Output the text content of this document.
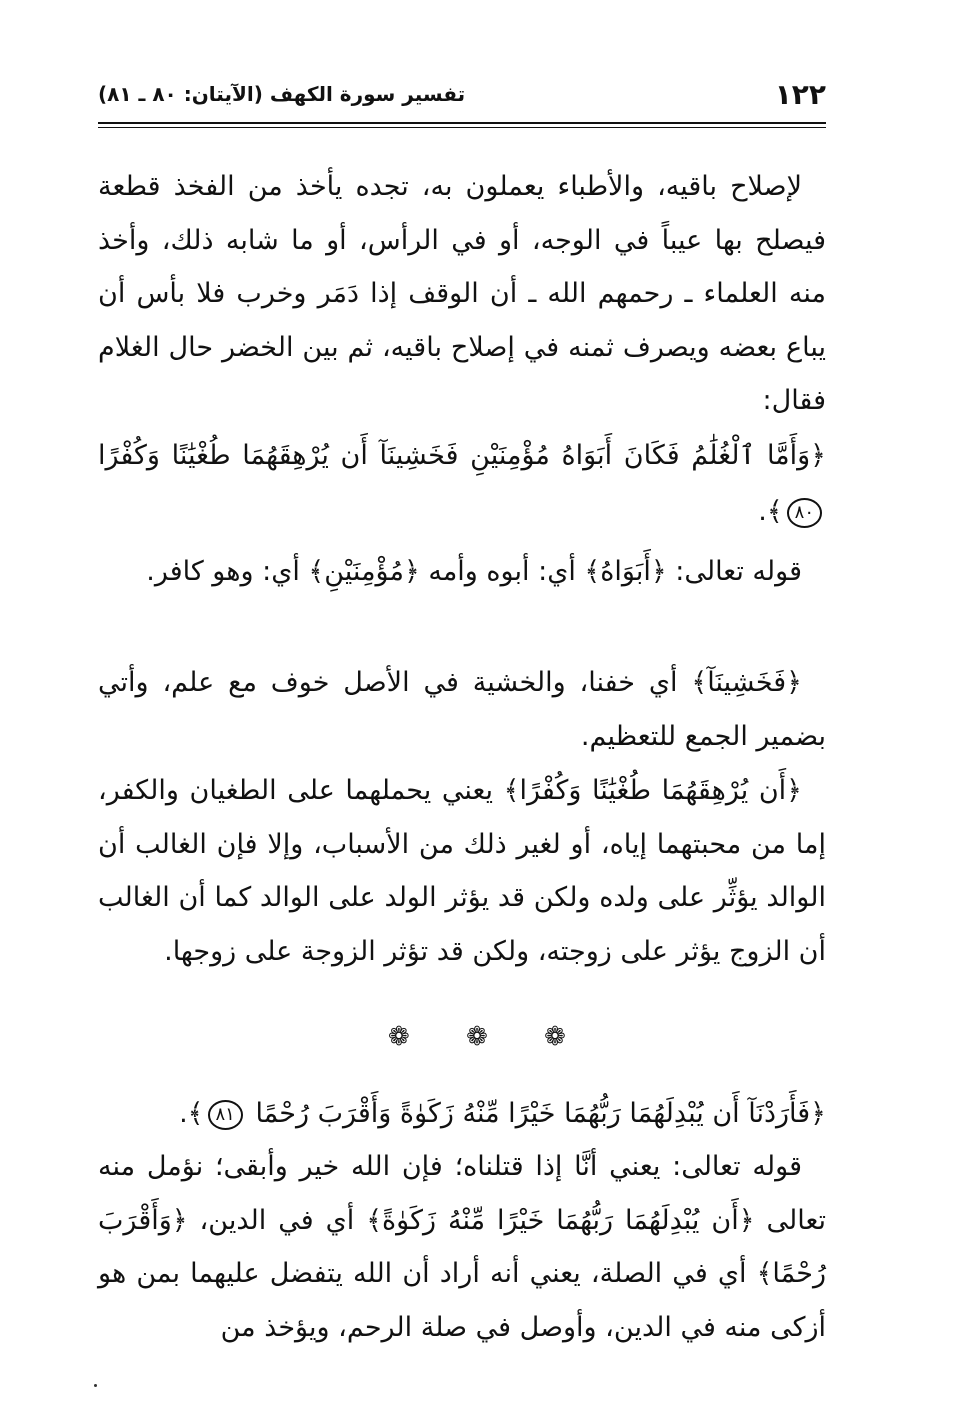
١٢٢
تفسير سورة الكهف (الآيتان: ٨٠ ـ ٨١)

لإصلاح باقيه، والأطباء يعملون به، تجده يأخذ من الفخذ قطعة فيصلح بها عيباً في الوجه، أو في الرأس، أو ما شابه ذلك، وأخذ منه العلماء ـ رحمهم الله ـ أن الوقف إذا دَمَر وخرب فلا بأس أن يباع بعضه ويصرف ثمنه في إصلاح باقيه، ثم بين الخضر حال الغلام فقال:

﴿وَأَمَّا ٱلْغُلَٰمُ فَكَانَ أَبَوَاهُ مُؤْمِنَيْنِ فَخَشِينَآ أَن يُرْهِقَهُمَا طُغْيَٰنًا وَكُفْرًا ٨٠﴾.

قوله تعالى: ﴿أَبَوَاهُ﴾ أي: أبوه وأمه ﴿مُؤْمِنَيْنِ﴾ أي: وهو كافر.

﴿فَخَشِينَآ﴾ أي خفنا، والخشية في الأصل خوف مع علم، وأتي بضمير الجمع للتعظيم.

﴿أَن يُرْهِقَهُمَا طُغْيَٰنًا وَكُفْرًا﴾ يعني يحملهما على الطغيان والكفر، إما من محبتهما إياه، أو لغير ذلك من الأسباب، وإلا فإن الغالب أن الوالد يؤثِّر على ولده ولكن قد يؤثر الولد على الوالد كما أن الغالب أن الزوج يؤثر على زوجته، ولكن قد تؤثر الزوجة على زوجها.

❁ ❁ ❁
﴿فَأَرَدْنَآ أَن يُبْدِلَهُمَا رَبُّهُمَا خَيْرًا مِّنْهُ زَكَوٰةً وَأَقْرَبَ رُحْمًا ٨١﴾.

قوله تعالى: يعني أنَّا إذا قتلناه؛ فإن الله خير وأبقى؛ نؤمل منه تعالى ﴿أَن يُبْدِلَهُمَا رَبُّهُمَا خَيْرًا مِّنْهُ زَكَوٰةً﴾ أي في الدين، ﴿وَأَقْرَبَ رُحْمًا﴾ أي في الصلة، يعني أنه أراد أن الله يتفضل عليهما بمن هو أزكى منه في الدين، وأوصل في صلة الرحم، ويؤخذ من
